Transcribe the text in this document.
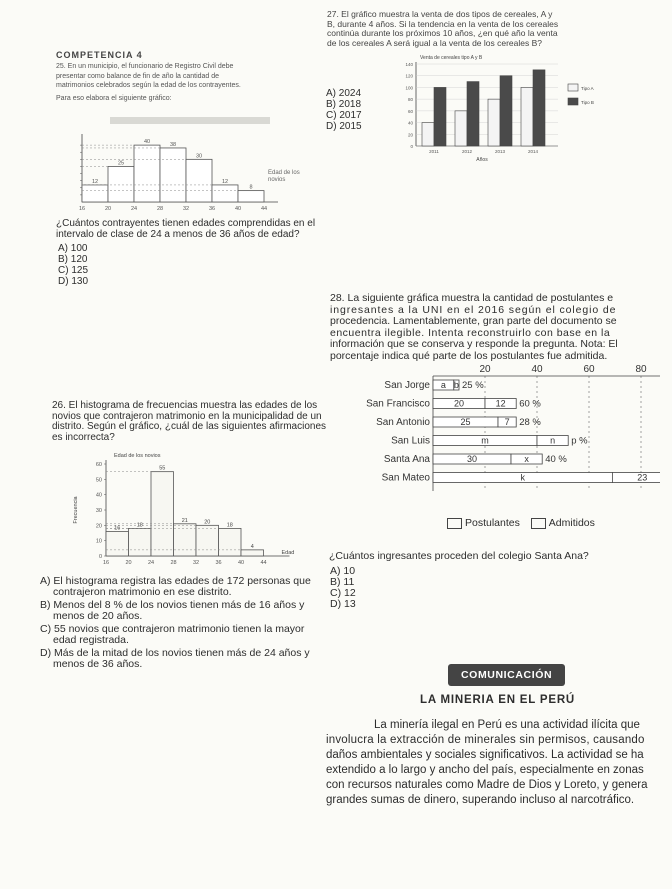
COMPETENCIA 4
25. En un municipio, el funcionario de Registro Civil debe
presentar como balance de fin de año la cantidad de
matrimonios celebrados según la edad de los contrayentes.
Para eso elabora el siguiente gráfico:
12
25
40	38
30
12
8
16	20	24	28	32	36	40	44
Edad de los novios
¿Cuántos contrayentes tienen edades comprendidas en el
intervalo de clase de 24 a menos de 36 años de edad?
A) 100
B) 120
C) 125
D) 130
26. El histograma de frecuencias muestra las edades de los
novios que contrajeron matrimonio en la municipalidad de un
distrito. Según el gráfico, ¿cuál de las siguientes afirmaciones
es incorrecta?
Edad de los novios
Frecuencia
0
10
20
30
40
50
60
16
18
55
21	20
18
4
16	20	24	28	32	36	40	44
Edad
A) El histograma registra las edades de 172 personas que
contrajeron matrimonio en ese distrito.
B) Menos del 8 % de los novios tienen más de 16 años y
menos de 20 años.
C) 55 novios que contrajeron matrimonio tienen la mayor
edad registrada.
D) Más de la mitad de los novios tienen más de 24 años y
menos de 36 años.
27. El gráfico muestra la venta de dos tipos de cereales, A y
B, durante 4 años. Si la tendencia en la venta de los cereales
continúa durante los próximos 10 años, ¿en qué año la venta
de los cereales A será igual a la venta de los cereales B?
A) 2024
B) 2018
C) 2017
D) 2015
Venta de cereales tipo A y B
0
20
40
60
80
100
120
140
2011	2012	2013	2014
Años
Tipo A
Tipo B
28. La siguiente gráfica muestra la cantidad de postulantes e
ingresantes a la UNI en el 2016 según el colegio de
procedencia. Lamentablemente, gran parte del documento se
encuentra ilegible. Intenta reconstruirlo con base en la
información que se conserva y responde la pregunta. Nota: El
porcentaje indica qué parte de los postulantes fue admitida.
20	40	60	80
San Jorge a b 25 %
San Francisco	20	12 60 %
San Antonio	25	7 28 %
San Luis	m	n p %
Santa Ana	30	x 40 %
San Mateo	k	23
Postulantes	Admitidos
¿Cuántos ingresantes proceden del colegio Santa Ana?
A) 10
B) 11
C) 12
D) 13
COMUNICACIÓN
LA MINERIA EN EL PERÚ
La minería ilegal en Perú es una actividad ilícita que
involucra la extracción de minerales sin permisos, causando
daños ambientales y sociales significativos. La actividad se ha
extendido a lo largo y ancho del país, especialmente en zonas
con recursos naturales como Madre de Dios y Loreto, y genera
grandes sumas de dinero, superando incluso al narcotráfico.
